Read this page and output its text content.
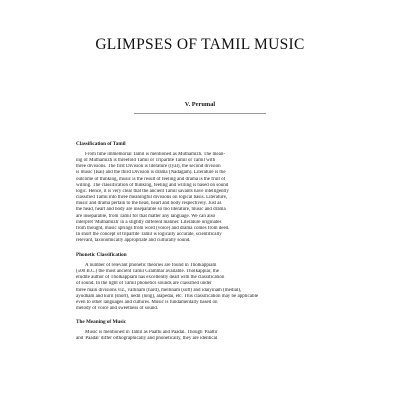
GLIMPSES OF TAMIL MUSIC

V. Perumal

Classification of Tamil
From time immemorial Tamil is mentioned as Muthamizh. The mean-
ing of Muthamizh is threefold Tamil or Tripartite Tamil or Tamil with
three divisions. The first Division is literature (Iyal), the second division
is music (Isai) and the third Division is drama (Nadagam). Literature is the
outcome of thinking, music is the result of feeling and drama is the fruit of
willing. The classification of thinking, feeling and willing is based on sound
logic. Hence, it is very clear that the ancient Tamil savants have intelligently
classified Tamil into three meaningful divisions on logical basis. Literature,
music and drama pertain to the head, heart and body respectively. Just as
the head, heart and body are inseparable so too literature, music and drama
are inseparable, from Tamil for that matter any language. We can also
interpret 'Muthamizh' in a slightly different manner. Literature originates
from thought, music springs from word (voice) and drama comes from deed.
In short the concept of tripartite Tamil is logically accurate, scientifically
relevant, taxonomically appropriate and culturally sound.
Phonetic Classification
A number of relevant phonetic theories are found in Tholkappiam
(500 B.C.) the most ancient Tamil Grammar available. Tholkappiar, the
erudite author of Tholkappiam has excellently dealt with the classification
of sound. In the light of Tamil phonetics sounds are classified under
three main divisions viz., vallinam (hard), mellinam (soft) and idaiyinam (medial),
ayudham and kuril (short), nedil (long), alapedai, etc. This classification may be applicable
even to other languages and cultures. Music is fundamentally based on
melody of voice and sweetness of sound.
The Meaning of Music
Music is mentioned in Tamil as Paattu and Paadal. Though 'Paattu'
and 'Paadal' differ orthographically and phonetically, they are identical
